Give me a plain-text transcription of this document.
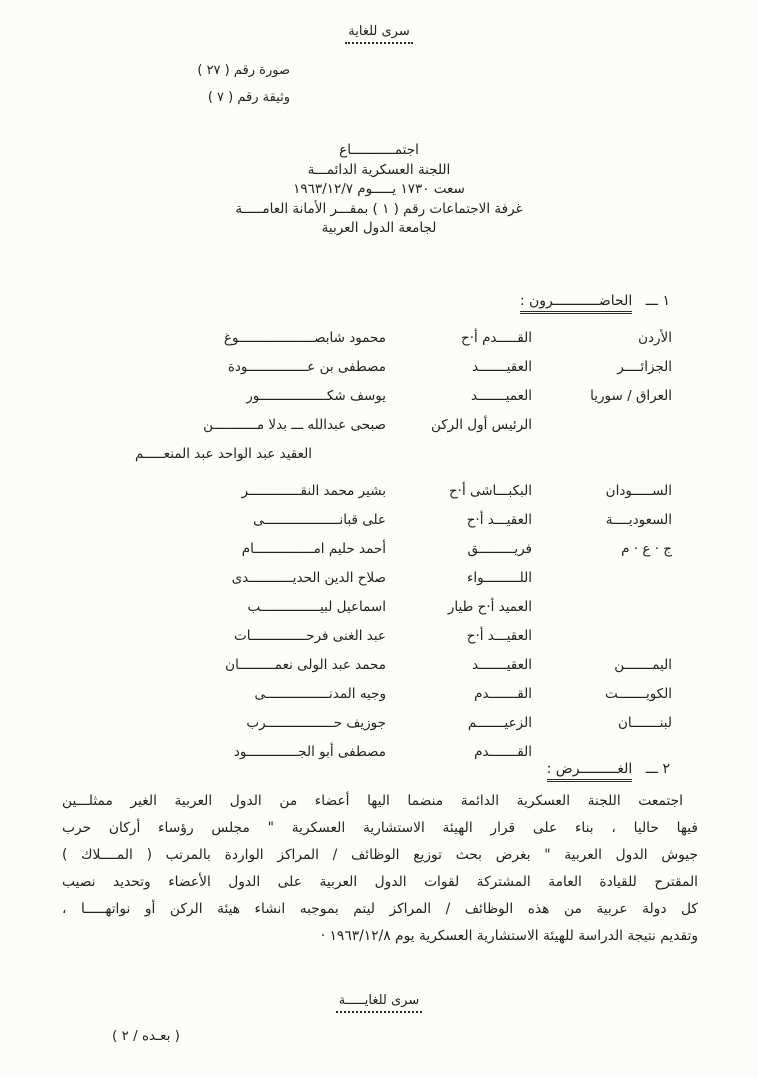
سرى للغاية
صورة رقم ( ٢٧ )
وثيقة رقم ( ٧ )
اجتمـــــــــــاع
اللجنة العسكرية الدائمـــة
سعت ١٧٣٠ يـــــوم ١٩٦٣/١٢/٧
غرفة الاجتماعات رقم ( ١ ) بمقـــر الأمانة العامـــــة
لجامعة الدول العربية
١ ـــ الحاضـــــــــــرون :
الأردن
القـــــدم أ·ح
محمود شابصـــــــــــــــــــوغ
الجزائــــر
العقيـــــــد
مصطفى بن عـــــــــــــــودة
العراق / سوريا
العميـــــــد
يوسف شكـــــــــــــــــور
الرئيس أول الركن
صبحى عبدالله ـــ بدلا مـــــــــــن
العقيد عبد الواحد عبد المنعـــــم
الســـــودان
البكبـــاشى أ·ح
بشير محمد النقـــــــــــــر
السعوديــــة
العقيـــد أ·ح
على قبانـــــــــــــــــــى
ج · ع · م
فريـــــــــق
أحمد حليم امـــــــــــــــام
اللـــــــــواء
صلاح الدين الحديـــــــــــدى
العميد أ·ح طيار
اسماعيل لبيـــــــــــــــب
العقيـــد أ·ح
عبد الغنى فرحــــــــــــــات
اليمـــــــن
العقيـــــــد
محمد عبد الولى نعمـــــــــان
الكويـــــــت
القـــــــدم
وجيه المدنــــــــــــــــى
لبنـــــــان
الزعيـــــــم
جوزيف حـــــــــــــــــرب
القـــــــدم
مصطفى أبو الجـــــــــــــود
٢ ـــ الغـــــــــرض :
اجتمعت اللجنة العسكرية الدائمة منضما اليها أعضاء من الدول العربية الغير ممثلـــين
فيها حاليا ، بناء على قرار الهيئة الاستشارية العسكرية " مجلس رؤساء أركان حرب
جيوش الدول العربية " بغرض بحث توزيع الوظائف / المراكز الواردة بالمرتب ( المــــلاك )
المقترح للقيادة العامة المشتركة لقوات الدول العربية على الدول الأعضاء وتحديد نصيب
كل دولة عربية من هذه الوظائف / المراكز ليتم بموجبه انشاء هيئة الركن أو نواتهـــــا ،
وتقديم نتيجة الدراسة للهيئة الاستشارية العسكرية يوم ١٩٦٣/١٢/٨ ·
سرى للغايـــــة
( بعـده / ٢ )
